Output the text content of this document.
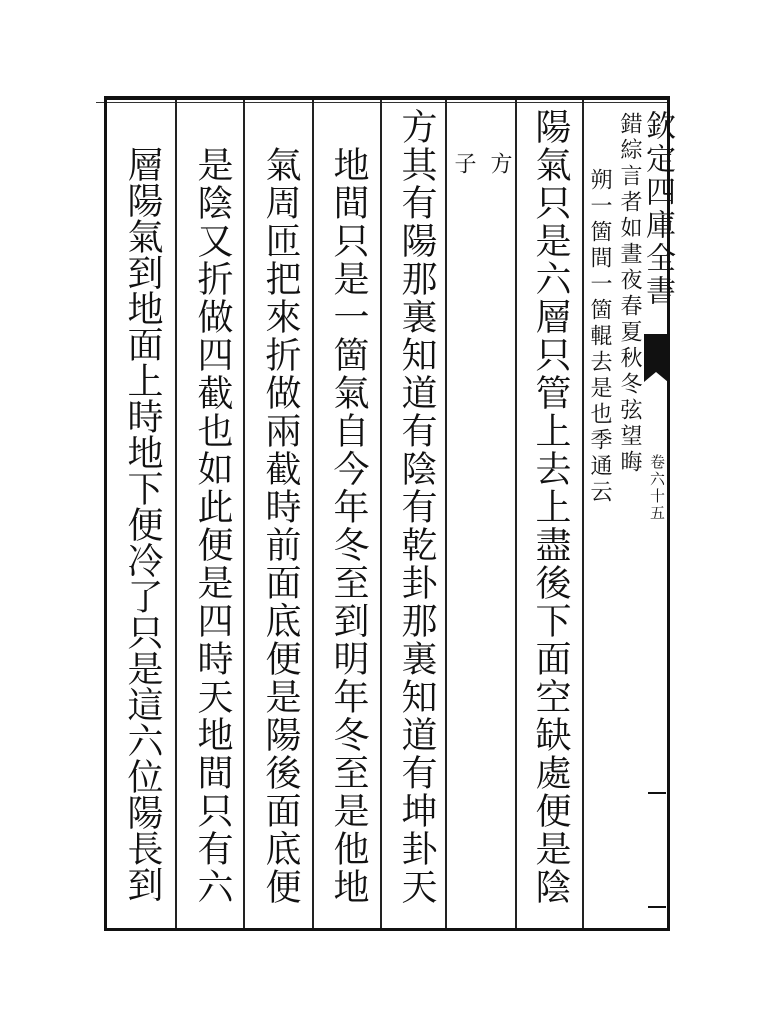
欽定四庫全書
卷六十五
錯綜言者如晝夜春夏秋冬弦望晦
朔一箇間一箇輥去是也季通云
陽氣只是六層只管上去上盡後下面空缺處便是陰
方
子
方其有陽那裏知道有陰有乾卦那裏知道有坤卦天
地間只是一箇氣自今年冬至到明年冬至是他地
氣周匝把來折做兩截時前面底便是陽後面底便
是陰又折做四截也如此便是四時天地間只有六
層陽氣到地面上時地下便冷了只是這六位陽長到
